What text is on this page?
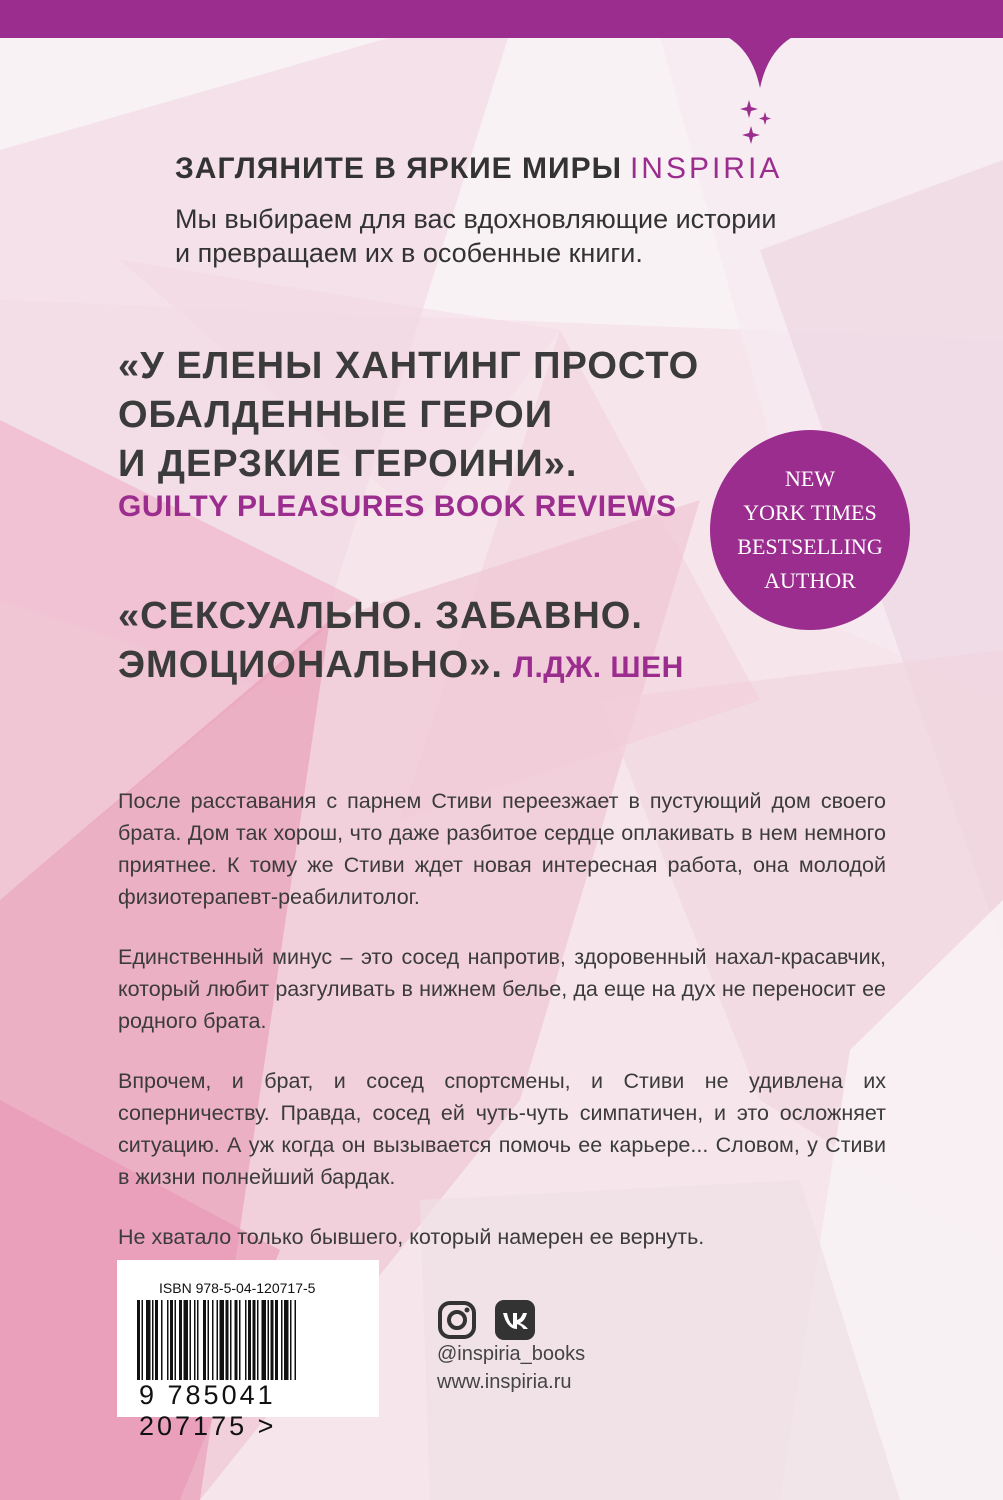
ЗАГЛЯНИТЕ В ЯРКИЕ МИРЫ INSPIRIA
Мы выбираем для вас вдохновляющие истории
и превращаем их в особенные книги.
«У ЕЛЕНЫ ХАНТИНГ ПРОСТО
ОБАЛДЕННЫЕ ГЕРОИ
И ДЕРЗКИЕ ГЕРОИНИ».
GUILTY PLEASURES BOOK REVIEWS
«СЕКСУАЛЬНО. ЗАБАВНО.
ЭМОЦИОНАЛЬНО». Л.ДЖ. ШЕН
NEW
YORK TIMES
BESTSELLING
AUTHOR

После расставания с парнем Стиви переезжает в пустующий дом своего брата. Дом так хорош, что даже разбитое сердце оплакивать в нем немного приятнее. К тому же Стиви ждет новая интересная работа, она молодой физиотерапевт-реабилитолог.

Единственный минус – это сосед напротив, здоровенный нахал-красавчик, который любит разгуливать в нижнем белье, да еще на дух не переносит ее родного брата.

Впрочем, и брат, и сосед спортсмены, и Стиви не удивлена их соперничеству. Правда, сосед ей чуть-чуть симпатичен, и это осложняет ситуацию. А уж когда он вызывается помочь ее карьере... Словом, у Стиви в жизни полнейший бардак.

Не хватало только бывшего, который намерен ее вернуть.

ISBN 978-5-04-120717-5
9 785041 207175 >
@inspiria_books
www.inspiria.ru
